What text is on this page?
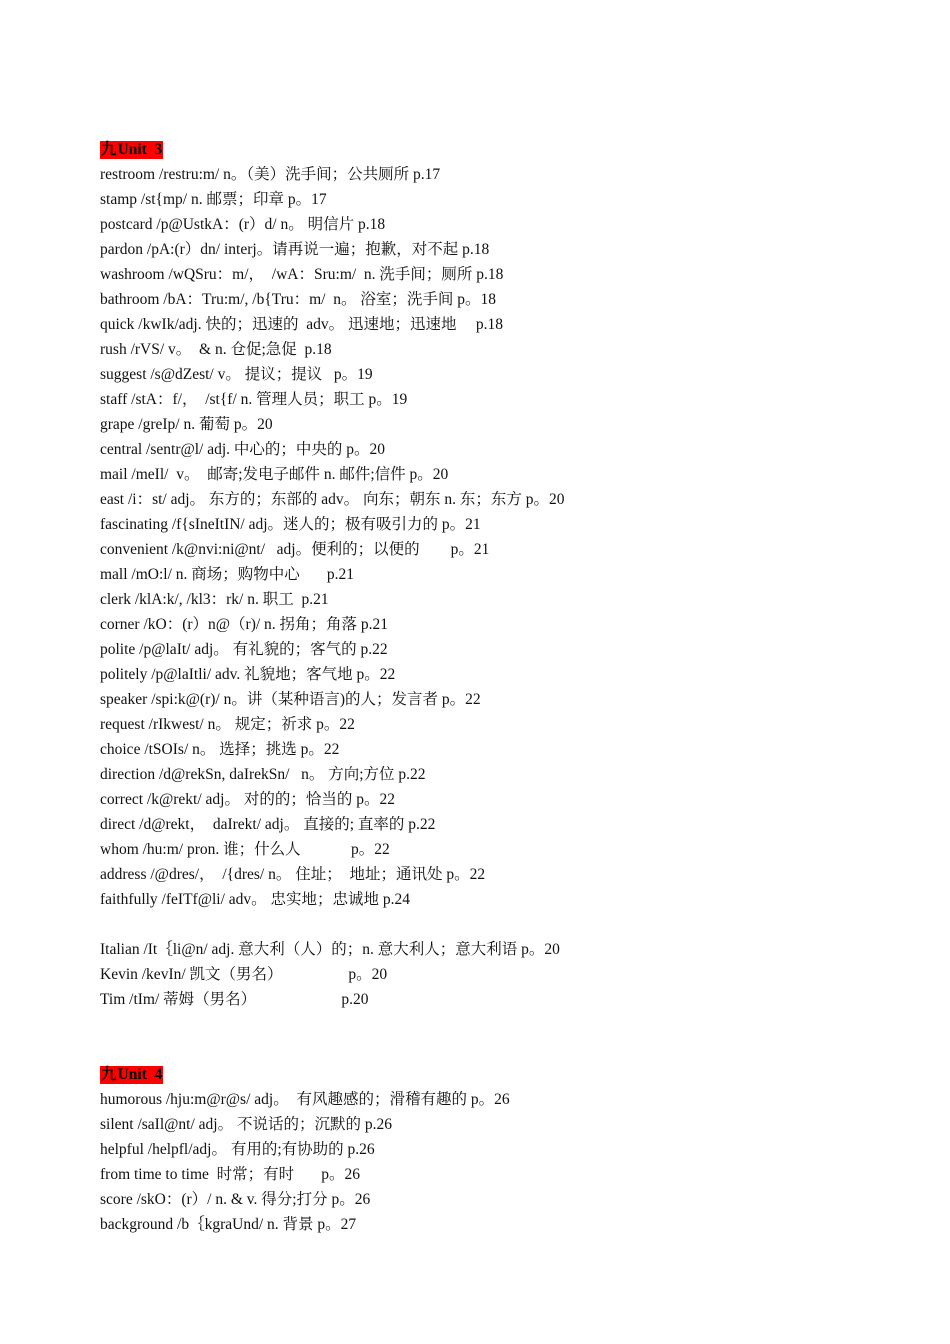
九Unit  3
restroom /restru:m/ n。（美）洗手间；公共厕所 p.17
stamp /st{mp/ n. 邮票；印章 p。17
postcard /p@UstkA：(r）d/ n。 明信片 p.18
pardon /pA:(r）dn/ interj。请再说一遍；抱歉，对不起 p.18
washroom /wQSru：m/，  /wA：Sru:m/  n. 洗手间；厕所 p.18
bathroom /bA：Tru:m/, /b{Tru：m/  n。 浴室；洗手间 p。18
quick /kwIk/adj. 快的；迅速的  adv。 迅速地；迅速地     p.18
rush /rVS/ v。  & n. 仓促;急促  p.18
suggest /s@dZest/ v。 提议；提议   p。19
staff /stA：f/，  /st{f/ n. 管理人员；职工 p。19
grape /greIp/ n. 葡萄 p。20
central /sentr@l/ adj. 中心的；中央的 p。20
mail /meIl/  v。  邮寄;发电子邮件 n. 邮件;信件 p。20
east /i：st/ adj。 东方的；东部的 adv。 向东；朝东 n. 东；东方 p。20
fascinating /f{sIneItIN/ adj。迷人的；极有吸引力的 p。21
convenient /k@nvi:ni@nt/   adj。便利的；以便的        p。21
mall /mO:l/ n. 商场；购物中心       p.21
clerk /klA:k/, /kl3：rk/ n. 职工  p.21
corner /kO：(r）n@（r)/ n. 拐角；角落 p.21
polite /p@laIt/ adj。 有礼貌的；客气的 p.22
politely /p@laItli/ adv. 礼貌地；客气地 p。22
speaker /spi:k@(r)/ n。讲（某种语言)的人；发言者 p。22
request /rIkwest/ n。 规定；祈求 p。22
choice /tSOIs/ n。 选择；挑选 p。22
direction /d@rekSn, daIrekSn/   n。 方向;方位 p.22
correct /k@rekt/ adj。 对的的；恰当的 p。22
direct /d@rekt，  daIrekt/ adj。 直接的; 直率的 p.22
whom /hu:m/ pron. 谁；什么人             p。22
address /@dres/，  /{dres/ n。 住址；  地址；通讯处 p。22
faithfully /feITf@li/ adv。 忠实地；忠诚地 p.24
Italian /It｛li@n/ adj. 意大利（人）的；n. 意大利人；意大利语 p。20
Kevin /kevIn/ 凯文（男名）                 p。20
Tim /tIm/ 蒂姆（男名）                      p.20
九Unit  4
humorous /hju:m@r@s/ adj。  有风趣感的；滑稽有趣的 p。26
silent /saIl@nt/ adj。 不说话的；沉默的 p.26
helpful /helpfl/adj。 有用的;有协助的 p.26
from time to time  时常；有时       p。26
score /skO：(r）/ n. & v. 得分;打分 p。26
background /b｛kgraUnd/ n. 背景 p。27
